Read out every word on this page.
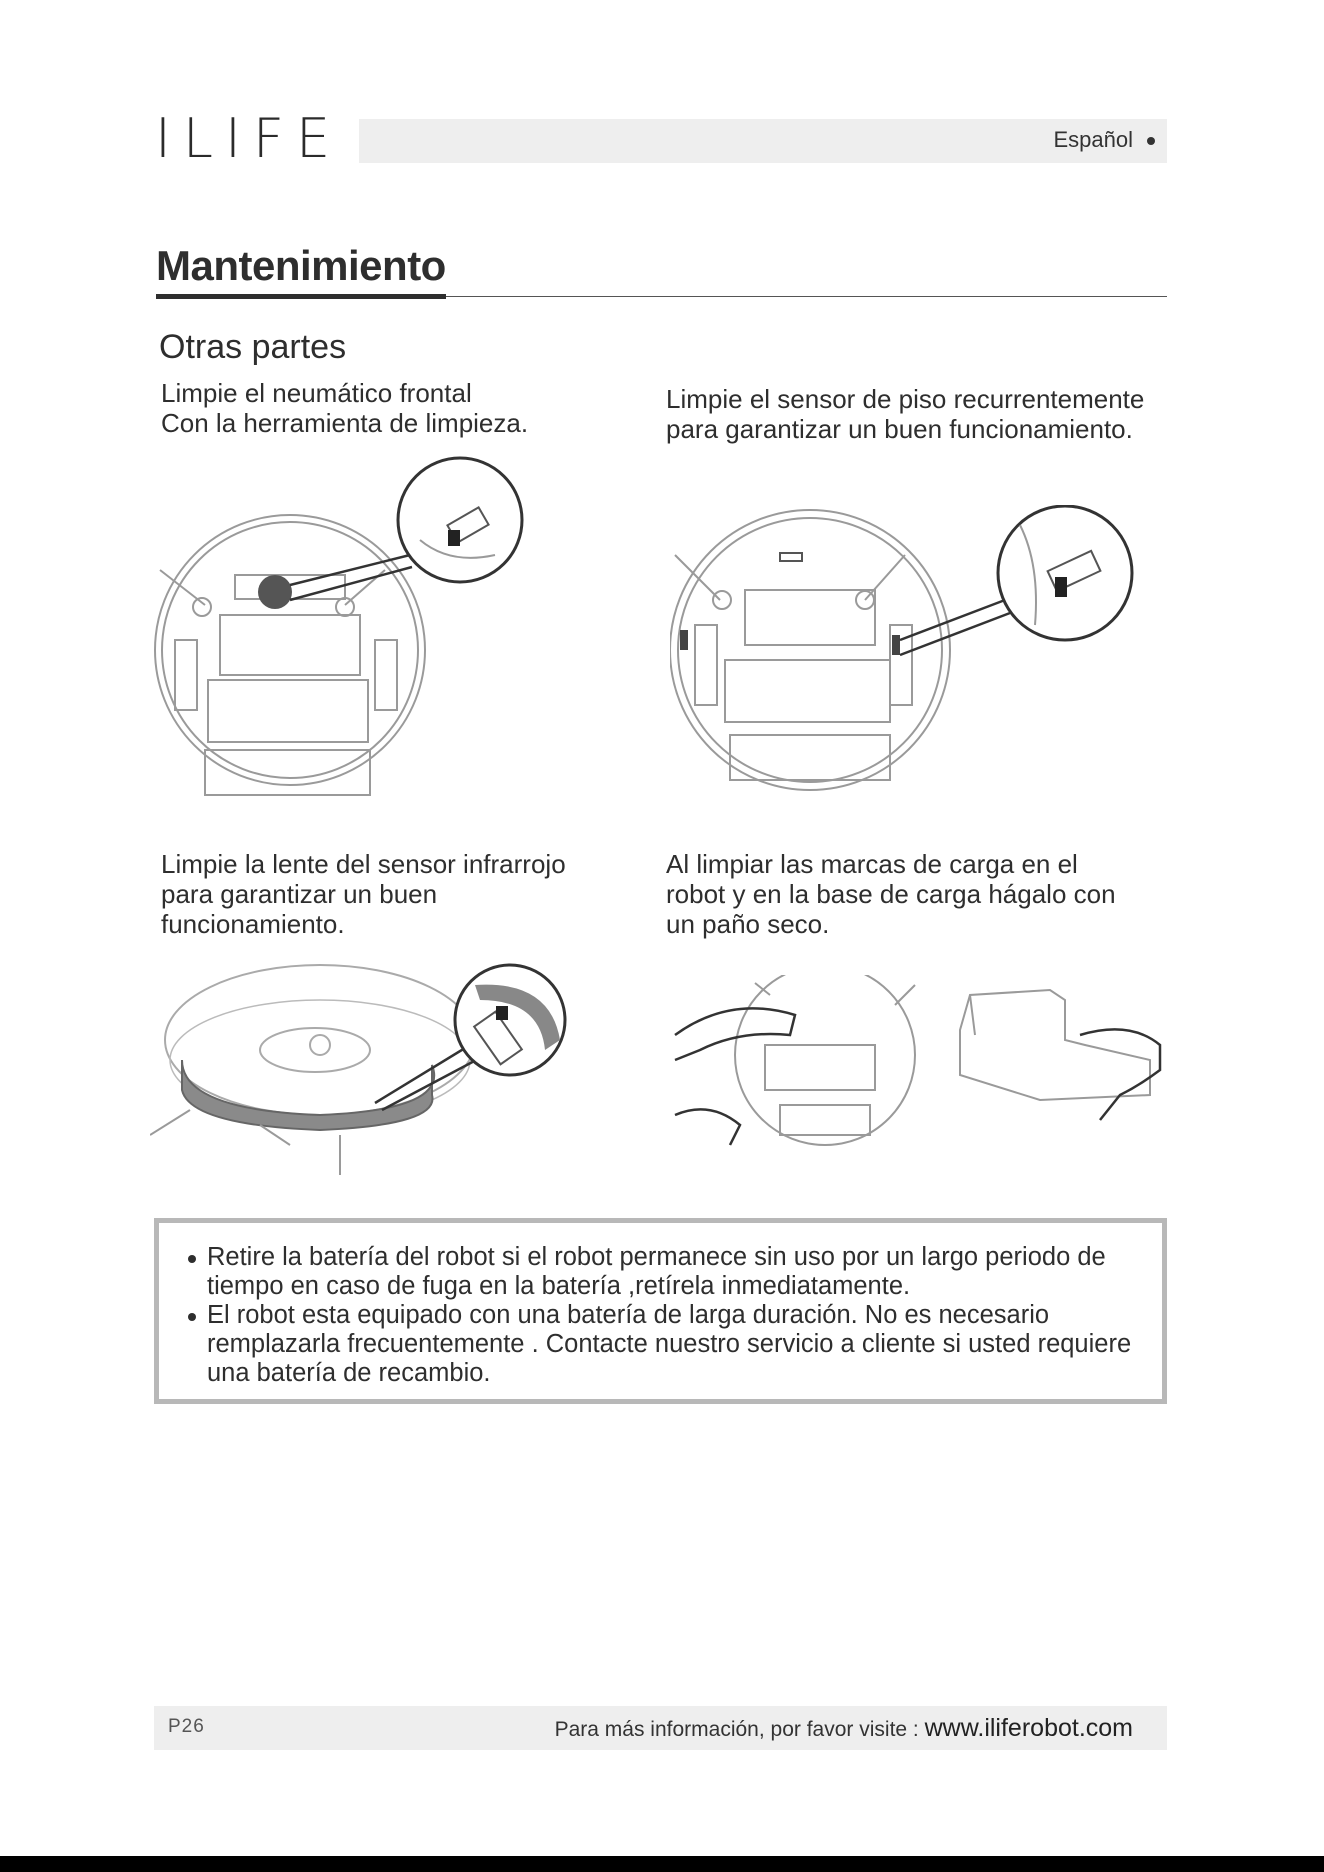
ILIFE	Español
Mantenimiento
Otras partes
Limpie el neumático frontal
Con la herramienta de limpieza.
Limpie el sensor de piso recurrentemente
para garantizar un buen funcionamiento.
Limpie la lente del sensor infrarrojo
para garantizar un buen
funcionamiento.
Al limpiar las marcas de carga en el
robot y en la base de carga hágalo con
un paño seco.
Retire la batería del robot si el robot permanece sin uso por un largo periodo de tiempo en caso de fuga en la batería ,retírela inmediatamente.
El robot esta equipado con una batería de larga duración. No es necesario remplazarla frecuentemente . Contacte nuestro servicio a cliente si usted requiere una batería de recambio.
P26	Para más información, por favor visite : www.iliferobot.com
